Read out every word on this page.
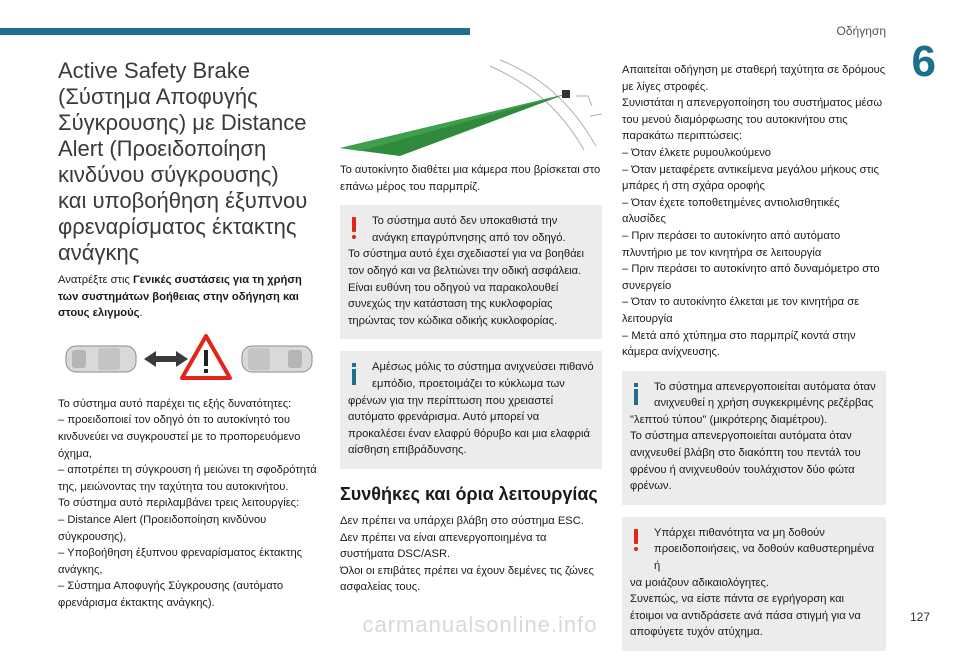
Οδήγηση
6
Active Safety Brake
(Σύστημα Αποφυγής
Σύγκρουσης) με Distance
Alert (Προειδοποίηση
κινδύνου σύγκρουσης)
και υποβοήθηση έξυπνου
φρεναρίσματος έκτακτης
ανάγκης

Ανατρέξτε στις Γενικές συστάσεις για τη χρήση των συστημάτων βοήθειας στην οδήγηση και στους ελιγμούς.

Το σύστημα αυτό παρέχει τις εξής δυνατότητες:

– προειδοποιεί τον οδηγό ότι το αυτοκίνητό του κινδυνεύει να συγκρουστεί με το προπορευόμενο όχημα,

– αποτρέπει τη σύγκρουση ή μειώνει τη σφοδρότητά της, μειώνοντας την ταχύτητα του αυτοκινήτου.

Το σύστημα αυτό περιλαμβάνει τρεις λειτουργίες:

– Distance Alert (Προειδοποίηση κινδύνου σύγκρουσης),

– Υποβοήθηση έξυπνου φρεναρίσματος έκτακτης ανάγκης,

– Σύστημα Αποφυγής Σύγκρουσης (αυτόματο φρενάρισμα έκτακτης ανάγκης).

Το αυτοκίνητο διαθέτει μια κάμερα που βρίσκεται στο επάνω μέρος του παρμπρίζ.

Το σύστημα αυτό δεν υποκαθιστά την ανάγκη επαγρύπνησης από τον οδηγό.

Το σύστημα αυτό έχει σχεδιαστεί για να βοηθάει τον οδηγό και να βελτιώνει την οδική ασφάλεια.

Είναι ευθύνη του οδηγού να παρακολουθεί συνεχώς την κατάσταση της κυκλοφορίας τηρώντας τον κώδικα οδικής κυκλοφορίας.

Αμέσως μόλις το σύστημα ανιχνεύσει πιθανό εμπόδιο, προετοιμάζει το κύκλωμα των

φρένων για την περίπτωση που χρειαστεί αυτόματο φρενάρισμα. Αυτό μπορεί να προκαλέσει έναν ελαφρύ θόρυβο και μια ελαφριά αίσθηση επιβράδυνσης.

Συνθήκες και όρια λειτουργίας

Δεν πρέπει να υπάρχει βλάβη στο σύστημα ESC.

Δεν πρέπει να είναι απενεργοποιημένα τα συστήματα DSC/ASR.

Όλοι οι επιβάτες πρέπει να έχουν δεμένες τις ζώνες ασφαλείας τους.

Απαιτείται οδήγηση με σταθερή ταχύτητα σε δρόμους με λίγες στροφές.

Συνιστάται η απενεργοποίηση του συστήματος μέσω του μενού διαμόρφωσης του αυτοκινήτου στις παρακάτω περιπτώσεις:

– Όταν έλκετε ρυμουλκούμενο

– Όταν μεταφέρετε αντικείμενα μεγάλου μήκους στις μπάρες ή στη σχάρα οροφής

– Όταν έχετε τοποθετημένες αντιολισθητικές αλυσίδες

– Πριν περάσει το αυτοκίνητο από αυτόματο πλυντήριο με τον κινητήρα σε λειτουργία

– Πριν περάσει το αυτοκίνητο από δυναμόμετρο στο συνεργείο

– Όταν το αυτοκίνητο έλκεται με τον κινητήρα σε λειτουργία

– Μετά από χτύπημα στο παρμπρίζ κοντά στην κάμερα ανίχνευσης.

Το σύστημα απενεργοποιείται αυτόματα όταν ανιχνευθεί η χρήση συγκεκριμένης ρεζέρβας

"λεπτού τύπου" (μικρότερης διαμέτρου).

Το σύστημα απενεργοποιείται αυτόματα όταν ανιχνευθεί βλάβη στο διακόπτη του πεντάλ του φρένου ή ανιχνευθούν τουλάχιστον δύο φώτα φρένων.

Υπάρχει πιθανότητα να μη δοθούν προειδοποιήσεις, να δοθούν καθυστερημένα ή

να μοιάζουν αδικαιολόγητες.

Συνεπώς, να είστε πάντα σε εγρήγορση και έτοιμοι να αντιδράσετε ανά πάσα στιγμή για να αποφύγετε τυχόν ατύχημα.

carmanualsonline.info	127
